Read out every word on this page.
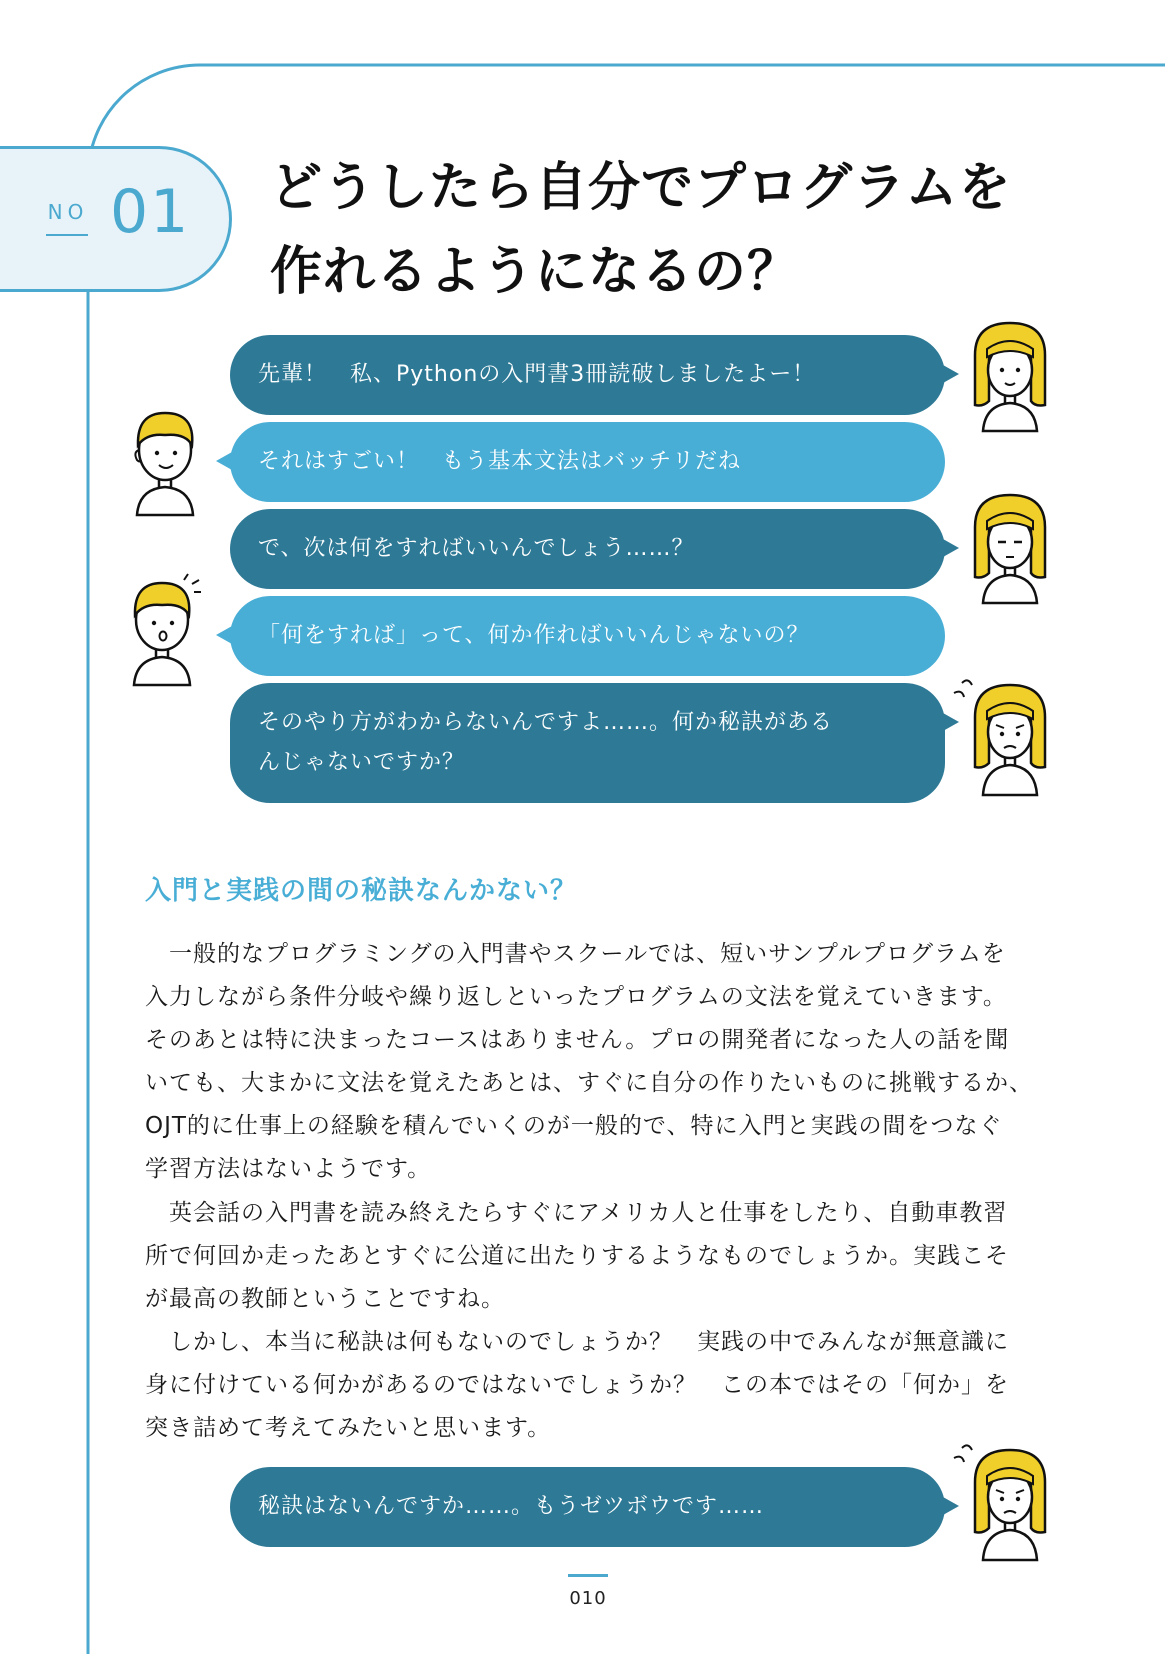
NO 01 どうしたら自分でプログラムを
作れるようになるの？
先輩！　私、Pythonの入門書3冊読破しましたよー！
それはすごい！　もう基本文法はバッチリだね
で、次は何をすればいいんでしょう……？
「何をすれば」って、何か作ればいいんじゃないの？
そのやり方がわからないんですよ……。何か秘訣がある
んじゃないですか？
入門と実践の間の秘訣なんかない？
　一般的なプログラミングの入門書やスクールでは、短いサンプルプログラムを
入力しながら条件分岐や繰り返しといったプログラムの文法を覚えていきます。
そのあとは特に決まったコースはありません。プロの開発者になった人の話を聞
いても、大まかに文法を覚えたあとは、すぐに自分の作りたいものに挑戦するか、
OJT的に仕事上の経験を積んでいくのが一般的で、特に入門と実践の間をつなぐ
学習方法はないようです。
　英会話の入門書を読み終えたらすぐにアメリカ人と仕事をしたり、自動車教習
所で何回か走ったあとすぐに公道に出たりするようなものでしょうか。実践こそ
が最高の教師ということですね。
　しかし、本当に秘訣は何もないのでしょうか？　実践の中でみんなが無意識に
身に付けている何かがあるのではないでしょうか？　この本ではその「何か」を
突き詰めて考えてみたいと思います。
秘訣はないんですか……。もうゼツボウです……
010
